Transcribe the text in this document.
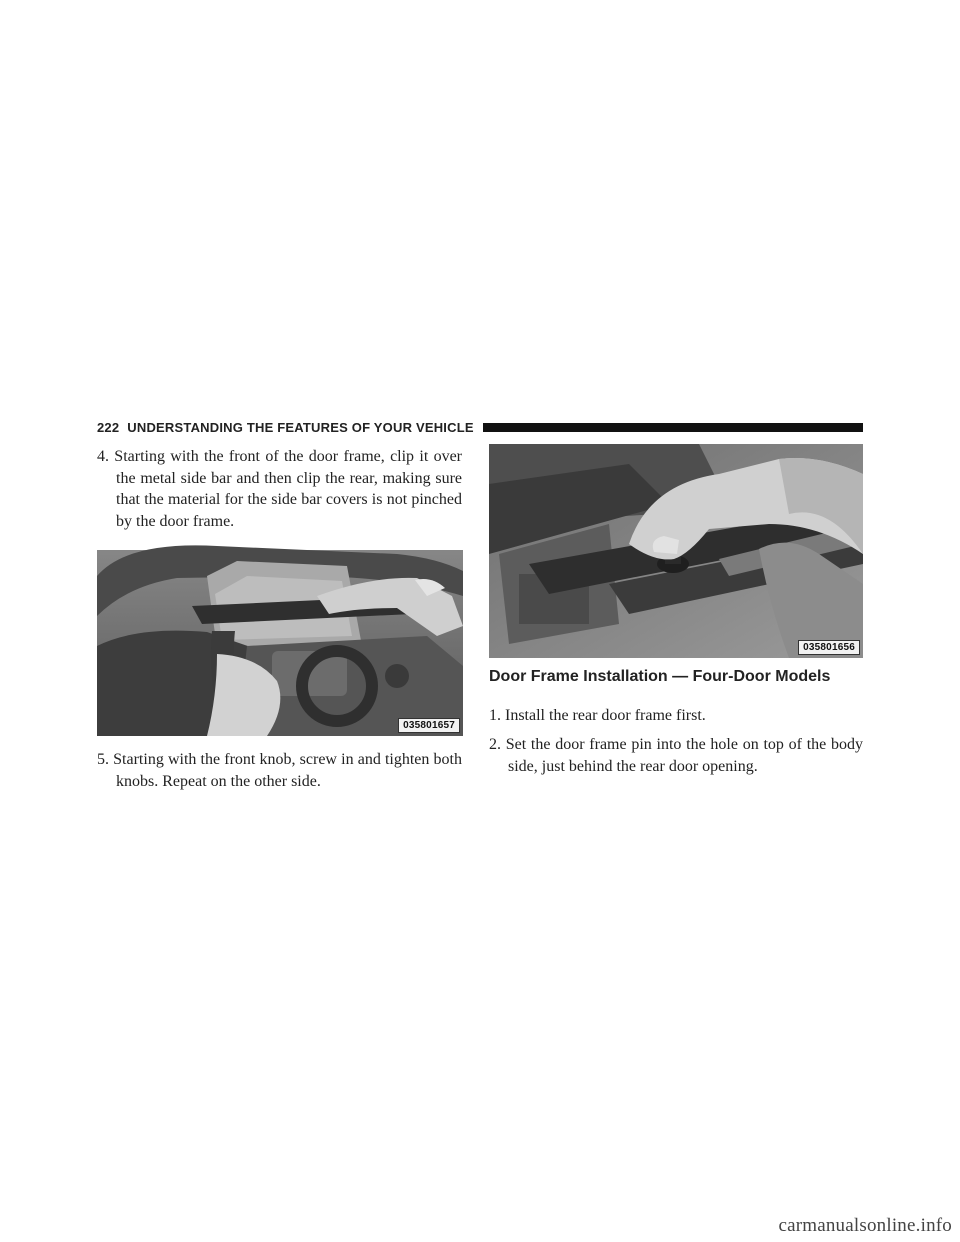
222 UNDERSTANDING THE FEATURES OF YOUR VEHICLE

4. Starting with the front of the door frame, clip it over
the metal side bar and then clip the rear, making sure
that the material for the side bar covers is not pinched
by the door frame.

035801657

5. Starting with the front knob, screw in and tighten both
knobs. Repeat on the other side.

035801656
Door Frame Installation — Four-Door Models

1. Install the rear door frame first.

2. Set the door frame pin into the hole on top of the body
side, just behind the rear door opening.

carmanualsonline.info
